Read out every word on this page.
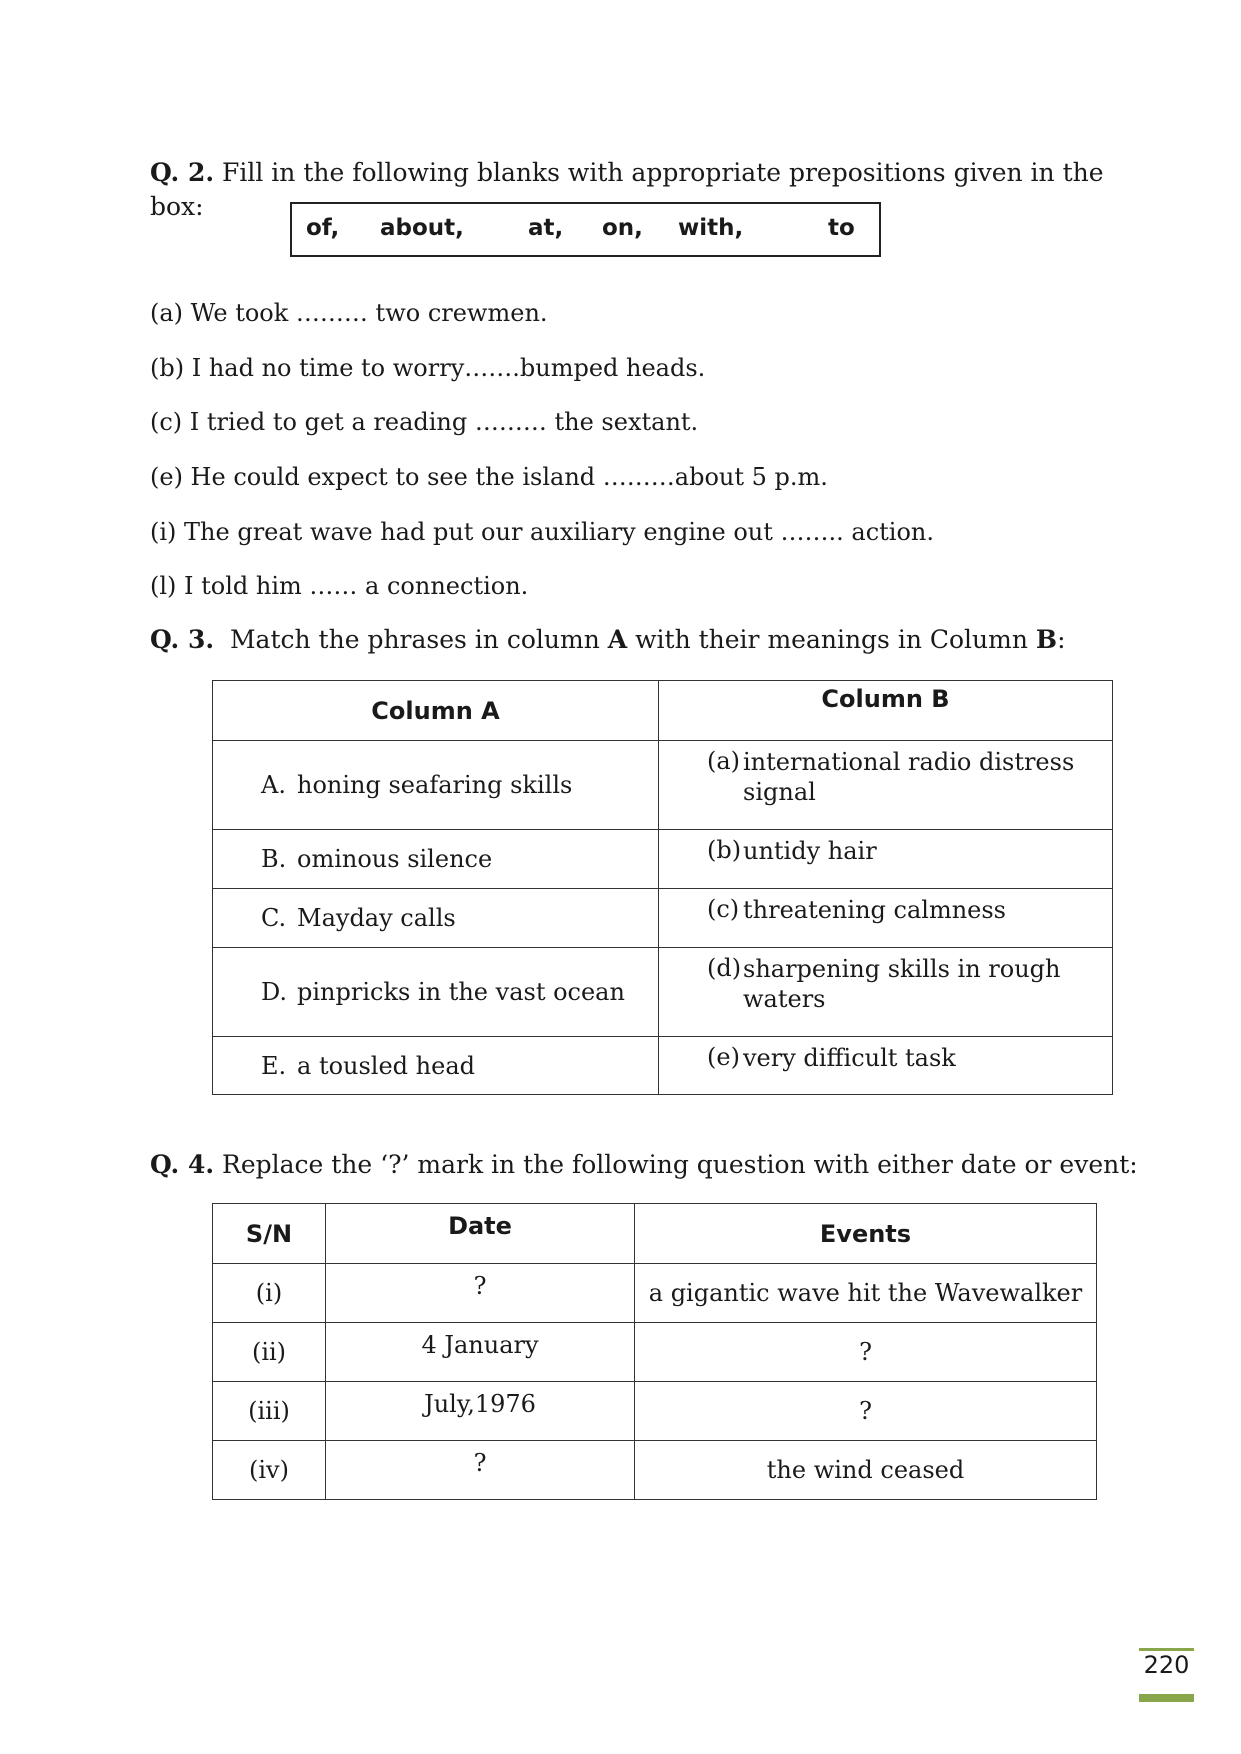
Q. 2. Fill in the following blanks with appropriate prepositions given in the
box:
of, about,	at, on, with,	to
(a) We took ……… two crewmen.
(b) I had no time to worry…….bumped heads.
(c) I tried to get a reading ……… the sextant.
(e) He could expect to see the island ………about 5 p.m.
(i) The great wave had put our auxiliary engine out …….. action.
(l) I told him …… a connection.
Q. 3. Match the phrases in column A with their meanings in Column B:
Column A	Column B
A. honing seafaring skills	(a) international radio distress signal

B. ominous silence	(b) untidy hair

C. Mayday calls	(c) threatening calmness

D. pinpricks in the vast ocean	(d) sharpening skills in rough waters

E. a tousled head	(e) very difficult task
Q. 4. Replace the ‘?’ mark in the following question with either date or event:
S/N	Date	Events
(i)	?	a gigantic wave hit the Wavewalker
(ii)	4 January	?
(iii)	July,1976	?
(iv)	?	the wind ceased
220
